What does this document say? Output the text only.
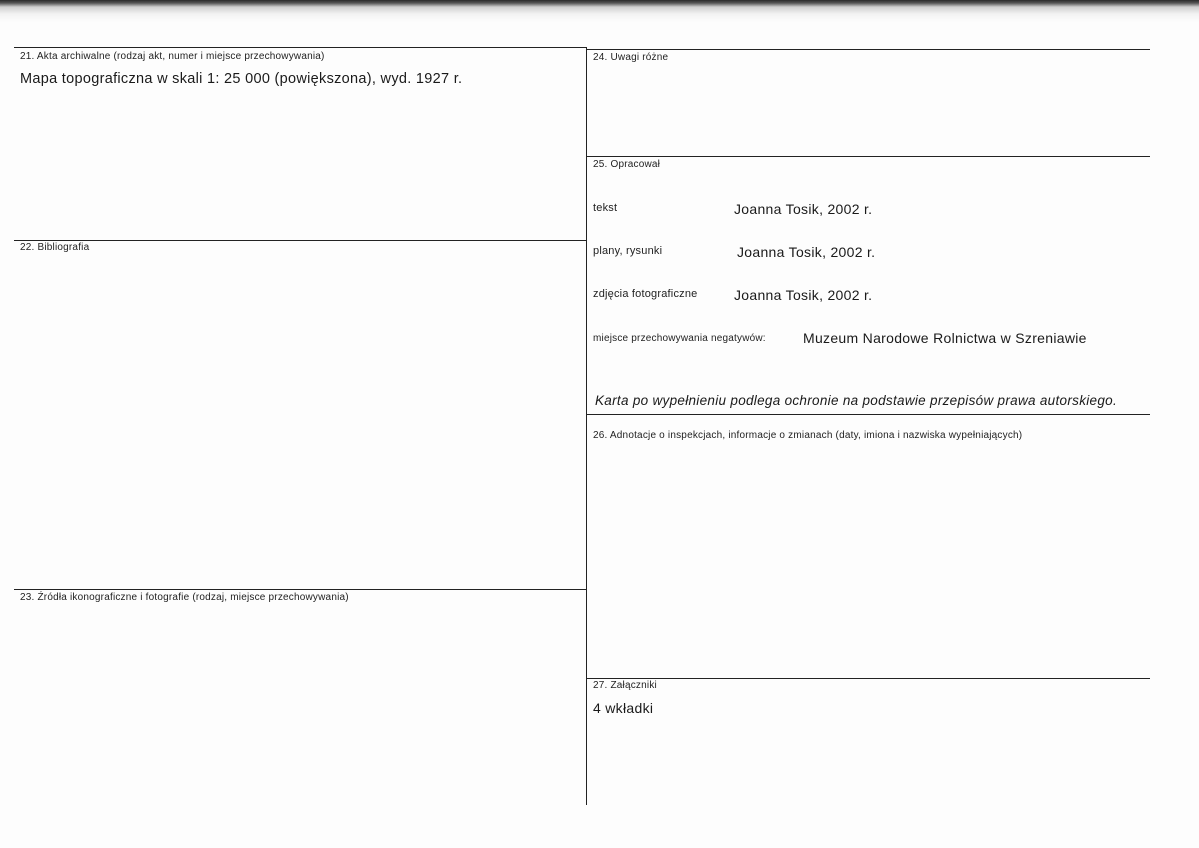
21. Akta archiwalne (rodzaj akt, numer i miejsce przechowywania)
Mapa topograficzna w skali 1: 25 000 (powiększona), wyd. 1927 r.
22. Bibliografia
23. Źródła ikonograficzne i fotografie (rodzaj, miejsce przechowywania)
24. Uwagi różne
25. Opracował
tekst	Joanna Tosik, 2002 r.
plany, rysunki	Joanna Tosik, 2002 r.
zdjęcia fotograficzne	Joanna Tosik, 2002 r.
miejsce przechowywania negatywów:	Muzeum Narodowe Rolnictwa w Szreniawie
Karta po wypełnieniu podlega ochronie na podstawie przepisów prawa autorskiego.
26. Adnotacje o inspekcjach, informacje o zmianach (daty, imiona i nazwiska wypełniających)
27. Załączniki
4 wkładki
